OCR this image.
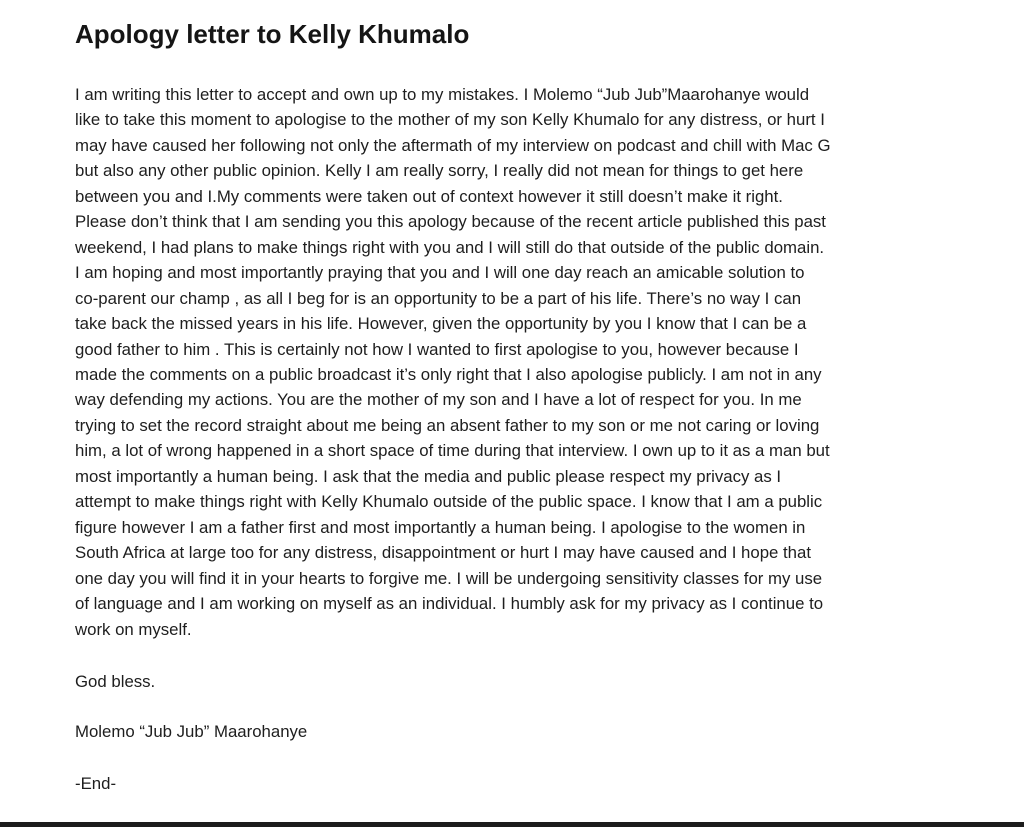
Apology letter to Kelly Khumalo
I am writing this letter to accept and own up to my mistakes. I Molemo “Jub Jub”Maarohanye would
like to take this moment to apologise to the mother of my son Kelly Khumalo for any distress, or hurt I
may have caused her following not only the aftermath of my interview on podcast and chill with Mac G
but also any other public opinion. Kelly I am really sorry, I really did not mean for things to get here
between you and I.My comments were taken out of context however it still doesn’t make it right.
Please don’t think that I am sending you this apology because of the recent article published this past
weekend, I had plans to make things right with you and I will still do that outside of the public domain.
I am hoping and most importantly praying that you and I will one day reach an amicable solution to
co-parent our champ , as all I beg for is an opportunity to be a part of his life. There’s no way I can
take back the missed years in his life. However, given the opportunity by you I know that I can be a
good father to him . This is certainly not how I wanted to first apologise to you, however because I
made the comments on a public broadcast it’s only right that I also apologise publicly. I am not in any
way defending my actions. You are the mother of my son and I have a lot of respect for you. In me
trying to set the record straight about me being an absent father to my son or me not caring or loving
him, a lot of wrong happened in a short space of time during that interview. I own up to it as a man but
most importantly a human being. I ask that the media and public please respect my privacy as I
attempt to make things right with Kelly Khumalo outside of the public space. I know that I am a public
figure however I am a father first and most importantly a human being. I apologise to the women in
South Africa at large too for any distress, disappointment or hurt I may have caused and I hope that
one day you will find it in your hearts to forgive me. I will be undergoing sensitivity classes for my use
of language and I am working on myself as an individual. I humbly ask for my privacy as I continue to
work on myself.
God bless.
Molemo “Jub Jub” Maarohanye
-End-
